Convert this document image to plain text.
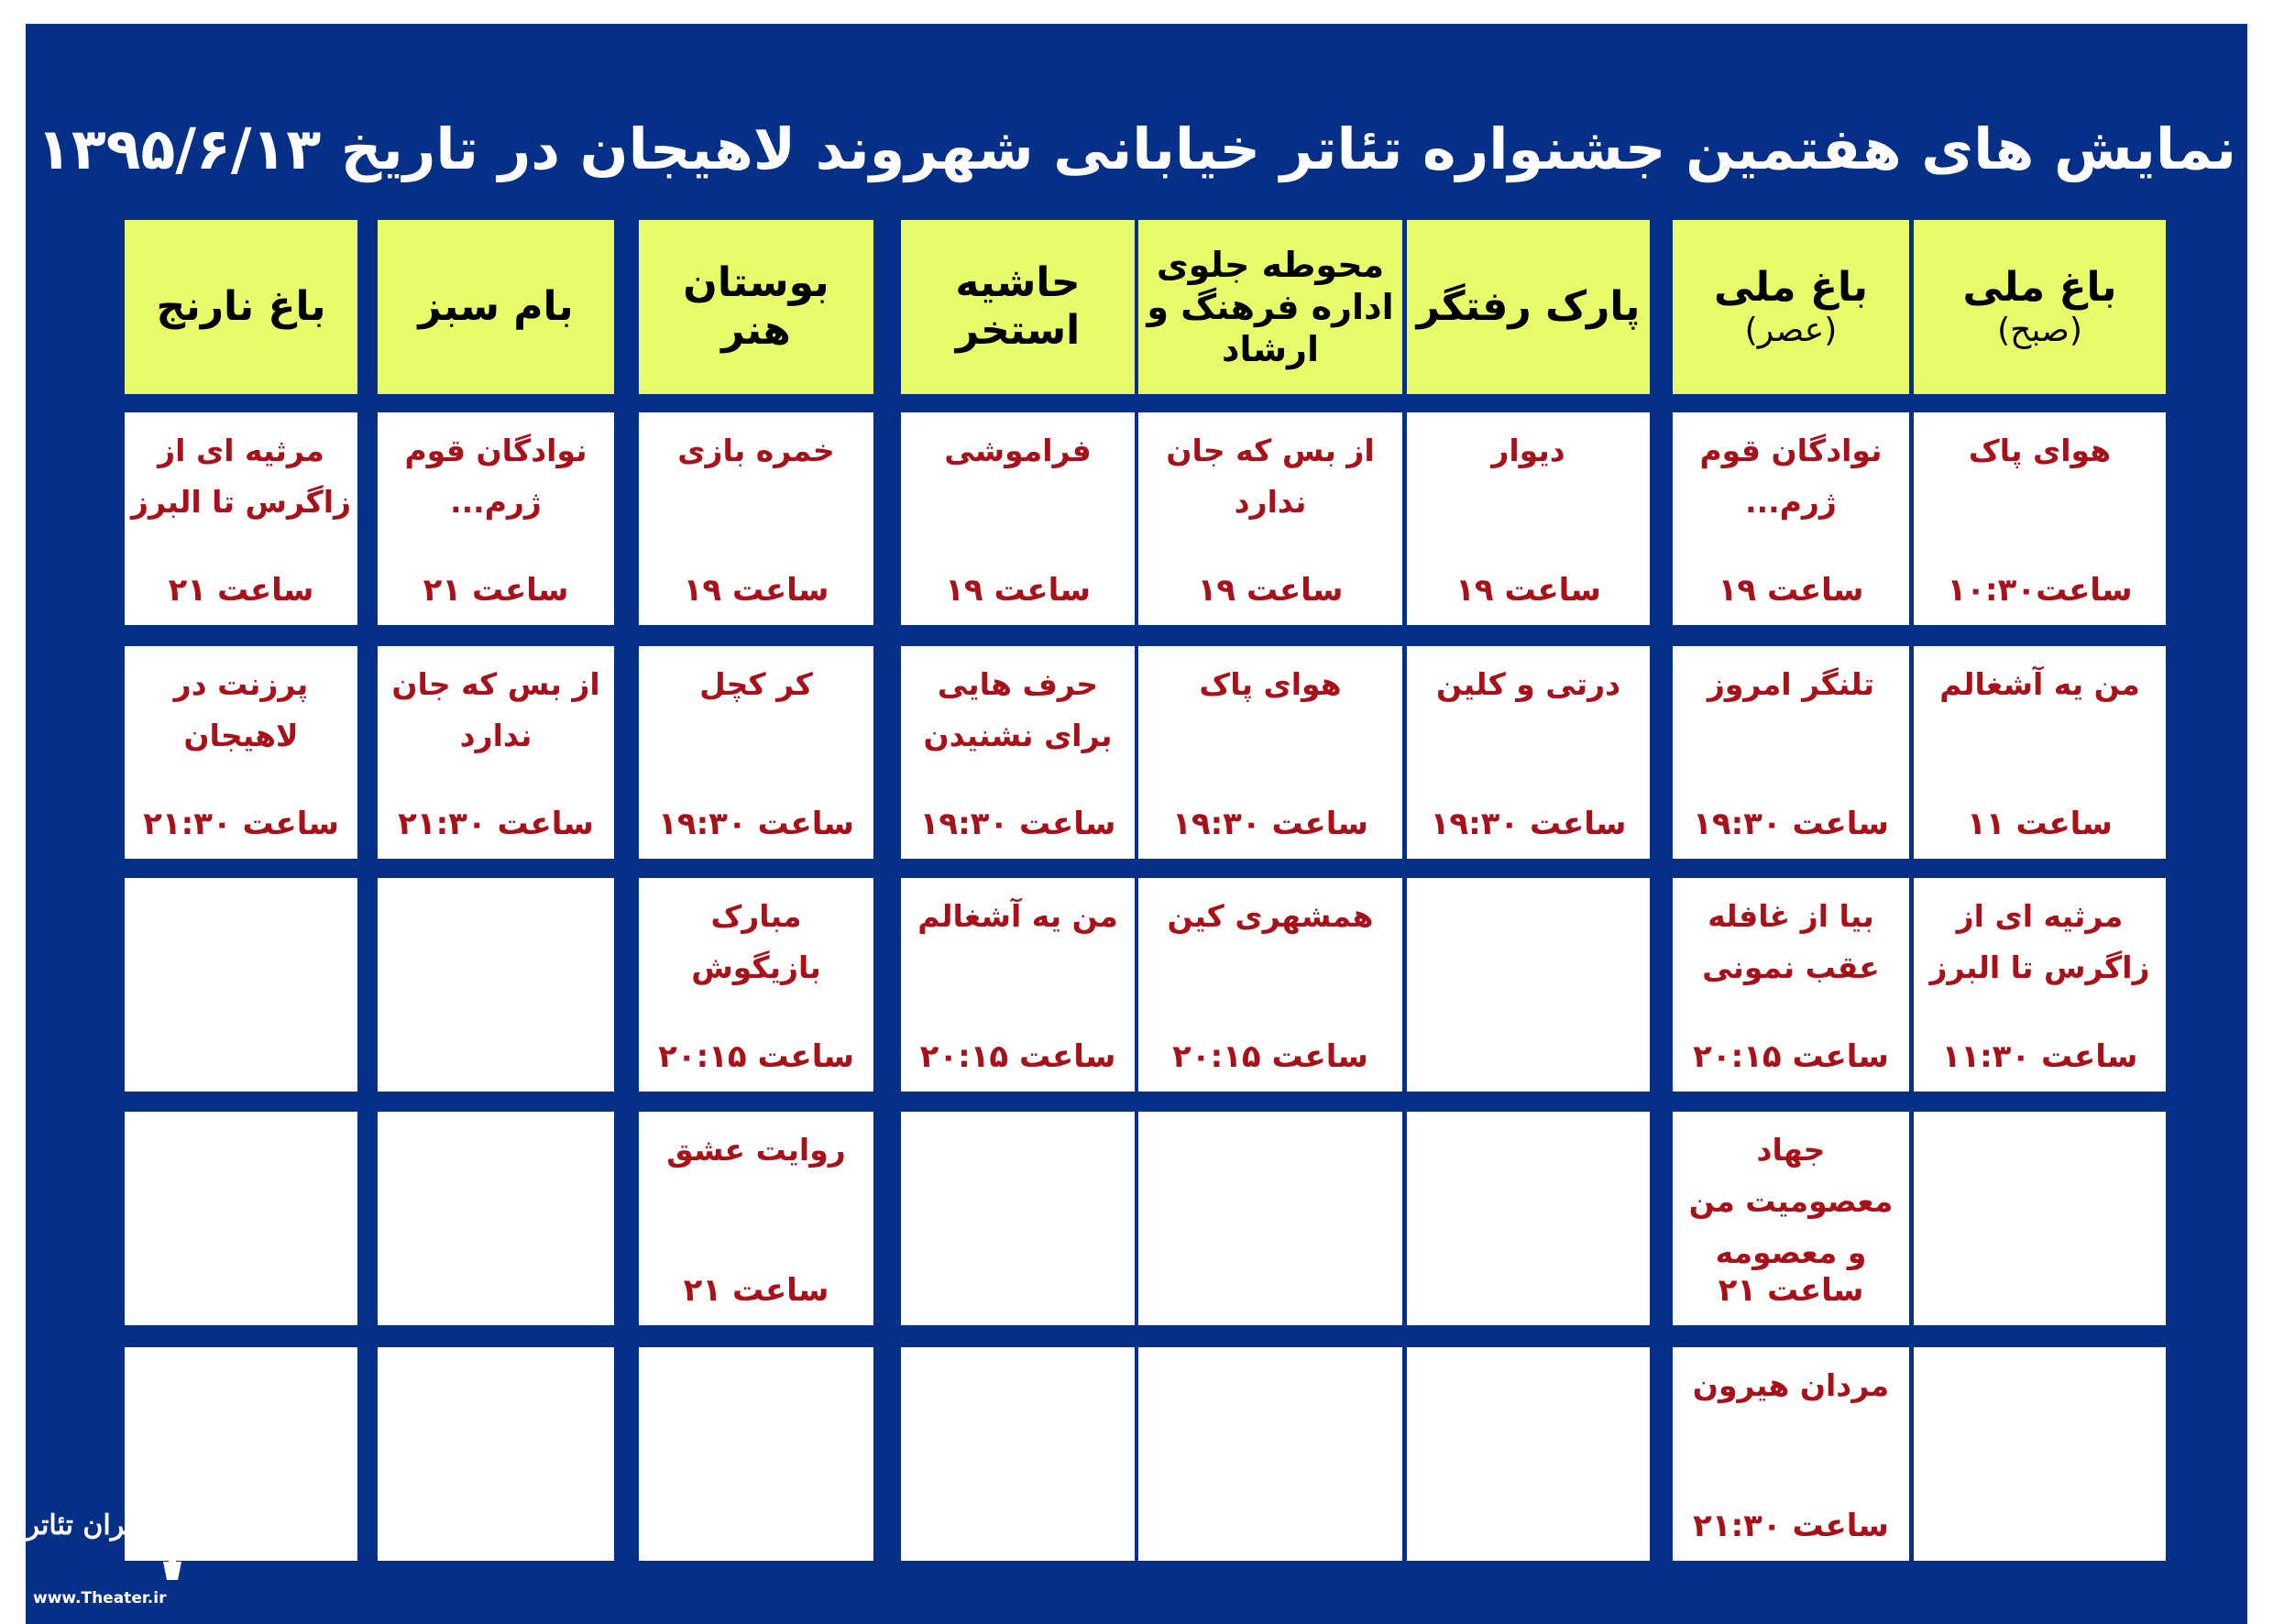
نمایش های هفتمین جشنواره تئاتر خیابانی شهروند لاهیجان در تاریخ ۱۳۹۵/۶/۱۳
باغ ملی
(صبح)
باغ ملی
(عصر)
پارک رفتگر
محوطه جلوی اداره فرهنگ و ارشاد
حاشیه استخر
بوستان هنر
بام سبز
باغ نارنج
هوای پاک
ساعت۱۰:۳۰
نوادگان قوم ژرم...
ساعت ۱۹
دیوار
ساعت ۱۹
از بس که جان ندارد
ساعت ۱۹
فراموشی
ساعت ۱۹
خمره بازی
ساعت ۱۹
نوادگان قوم ژرم...
ساعت ۲۱
مرثیه ای از زاگرس تا البرز
ساعت ۲۱
من یه آشغالم
ساعت ۱۱
تلنگر امروز
ساعت ۱۹:۳۰
درتی و کلین
ساعت ۱۹:۳۰
هوای پاک
ساعت ۱۹:۳۰
حرف هایی برای نشنیدن
ساعت ۱۹:۳۰
کر کچل
ساعت ۱۹:۳۰
از بس که جان ندارد
ساعت ۲۱:۳۰
پرزنت در لاهیجان
ساعت ۲۱:۳۰
مرثیه ای از زاگرس تا البرز
ساعت ۱۱:۳۰
بیا از غافله عقب نمونی
ساعت ۲۰:۱۵
همشهری کین
ساعت ۲۰:۱۵
من یه آشغالم
ساعت ۲۰:۱۵
مبارک بازیگوش
ساعت ۲۰:۱۵
جهاد معصومیت من و معصومه
ساعت ۲۱
روایت عشق
ساعت ۲۱
مردان هیرون
ساعت ۲۱:۳۰
ایران تئاتر
www.Theater.ir
